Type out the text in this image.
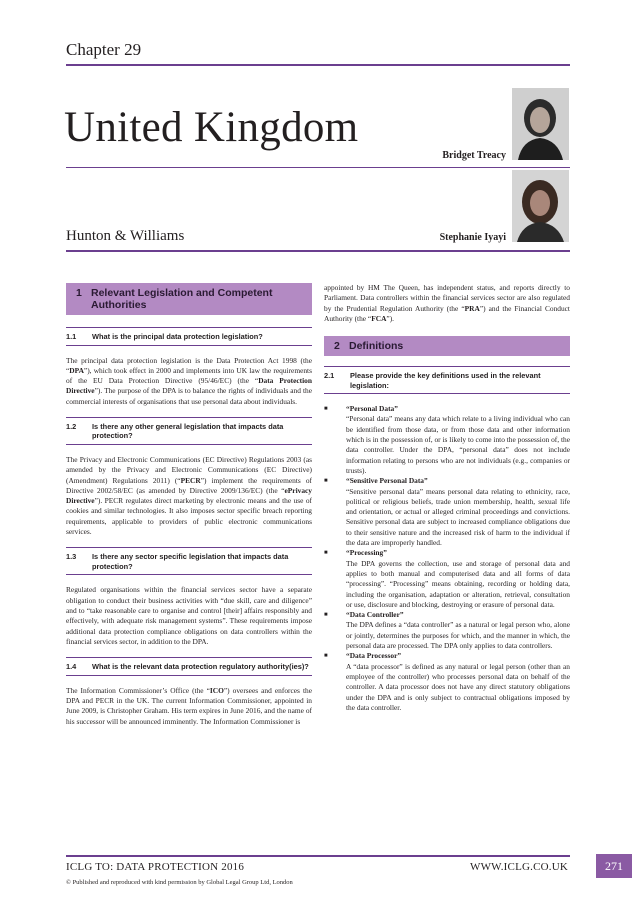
Chapter 29
United Kingdom
Hunton & Williams
Bridget Treacy
Stephanie Iyayi
1 Relevant Legislation and Competent Authorities
1.1	What is the principal data protection legislation?

The principal data protection legislation is the Data Protection Act 1998 (the “DPA”), which took effect in 2000 and implements into UK law the requirements of the EU Data Protection Directive (95/46/EC) (the “Data Protection Directive”). The purpose of the DPA is to balance the rights of individuals and the commercial interests of organisations that use personal data about individuals.

1.2	Is there any other general legislation that impacts data protection?

The Privacy and Electronic Communications (EC Directive) Regulations 2003 (as amended by the Privacy and Electronic Communications (EC Directive) (Amendment) Regulations 2011) (“PECR”) implement the requirements of Directive 2002/58/EC (as amended by Directive 2009/136/EC) (the “ePrivacy Directive”). PECR regulates direct marketing by electronic means and the use of cookies and similar technologies. It also imposes sector specific breach reporting requirements, applicable to providers of public electronic communications services.

1.3	Is there any sector specific legislation that impacts data protection?

Regulated organisations within the financial services sector have a separate obligation to conduct their business activities with “due skill, care and diligence” and to “take reasonable care to organise and control [their] affairs responsibly and effectively, with adequate risk management systems”. These requirements impose additional data protection compliance obligations on data controllers within the financial services sector, in addition to the DPA.

1.4	What is the relevant data protection regulatory authority(ies)?

The Information Commissioner’s Office (the “ICO”) oversees and enforces the DPA and PECR in the UK. The current Information Commissioner, appointed in June 2009, is Christopher Graham. His term expires in June 2016, and the name of his successor will be announced imminently. The Information Commissioner is

appointed by HM The Queen, has independent status, and reports directly to Parliament. Data controllers within the financial services sector are also regulated by the Prudential Regulation Authority (the “PRA”) and the Financial Conduct Authority (the “FCA”).

2 Definitions
2.1	Please provide the key definitions used in the relevant legislation:
■	“Personal Data”

“Personal data” means any data which relate to a living individual who can be identified from those data, or from those data and other information which is in the possession of, or is likely to come into the possession of, the data controller. Under the DPA, “personal data” does not include information relating to persons who are not individuals (e.g., companies or trusts).

■	“Sensitive Personal Data”

“Sensitive personal data” means personal data relating to ethnicity, race, political or religious beliefs, trade union membership, health, sexual life and orientation, or actual or alleged criminal proceedings and convictions. Sensitive personal data are subject to increased compliance obligations due to their sensitive nature and the increased risk of harm to the individual if the data are improperly handled.

■	“Processing”

The DPA governs the collection, use and storage of personal data and applies to both manual and computerised data and all forms of data “processing”. “Processing” means obtaining, recording or holding data, including the organisation, adaptation or alteration, retrieval, consultation or use, disclosure and blocking, destroying or erasure of personal data.

■	“Data Controller”

The DPA defines a “data controller” as a natural or legal person who, alone or jointly, determines the purposes for which, and the manner in which, the personal data are processed. The DPA only applies to data controllers.

■	“Data Processor”

A “data processor” is defined as any natural or legal person (other than an employee of the controller) who processes personal data on behalf of the controller. A data processor does not have any direct statutory obligations under the DPA and is only subject to contractual obligations imposed by the data controller.

ICLG TO: DATA PROTECTION 2016	WWW.ICLG.CO.UK	271
© Published and reproduced with kind permission by Global Legal Group Ltd, London
